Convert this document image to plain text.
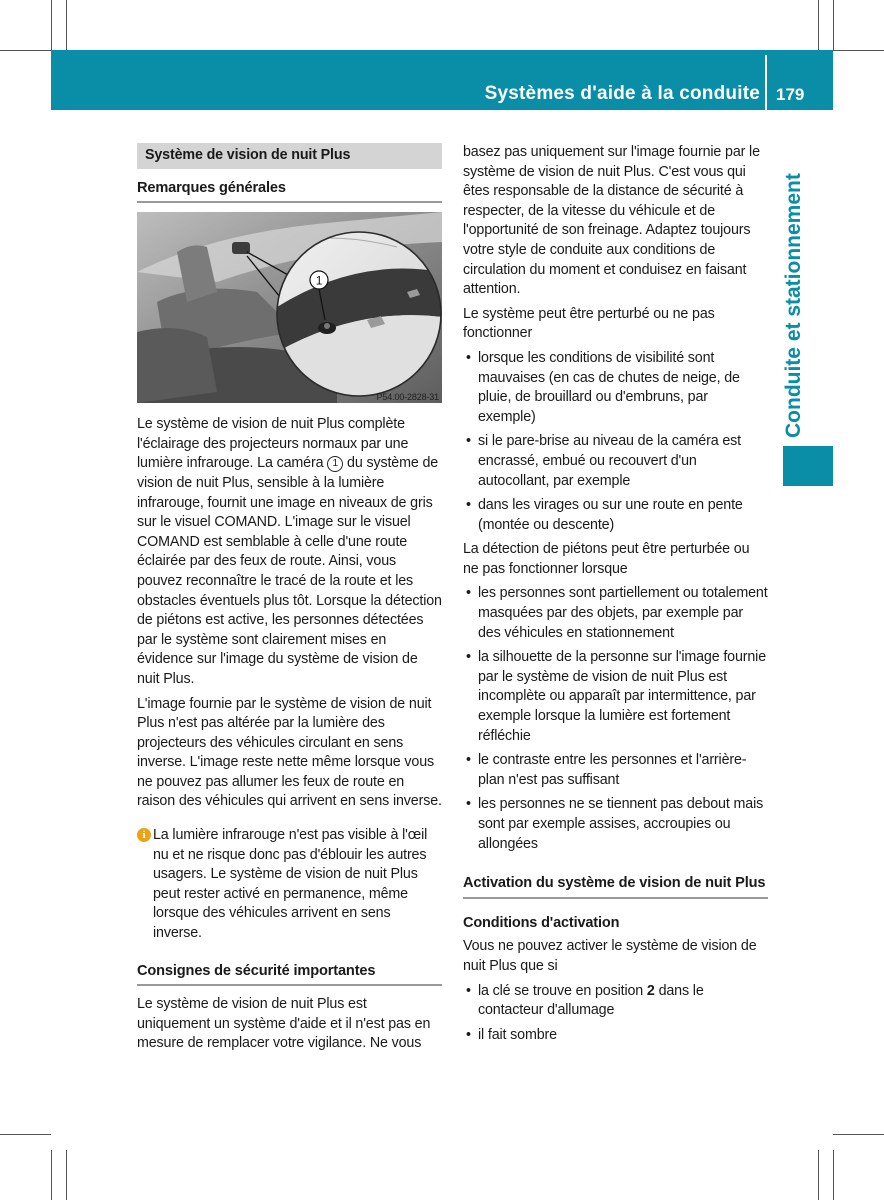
Systèmes d'aide à la conduite 179
Conduite et stationnement
Système de vision de nuit Plus
Remarques générales
1
P54.00-2828-31

Le système de vision de nuit Plus complète l'éclairage des projecteurs normaux par une lumière infrarouge. La caméra 1 du système de vision de nuit Plus, sensible à la lumière infrarouge, fournit une image en niveaux de gris sur le visuel COMAND. L'image sur le visuel COMAND est semblable à celle d'une route éclairée par des feux de route. Ainsi, vous pouvez reconnaître le tracé de la route et les obstacles éventuels plus tôt. Lorsque la détection de piétons est active, les personnes détectées par le système sont clairement mises en évidence sur l'image du système de vision de nuit Plus.

L'image fournie par le système de vision de nuit Plus n'est pas altérée par la lumière des projecteurs des véhicules circulant en sens inverse. L'image reste nette même lorsque vous ne pouvez pas allumer les feux de route en raison des véhicules qui arrivent en sens inverse.

i La lumière infrarouge n'est pas visible à l'œil nu et ne risque donc pas d'éblouir les autres usagers. Le système de vision de nuit Plus peut rester activé en permanence, même lorsque des véhicules arrivent en sens inverse.

Consignes de sécurité importantes

Le système de vision de nuit Plus est uniquement un système d'aide et il n'est pas en mesure de remplacer votre vigilance. Ne vous

basez pas uniquement sur l'image fournie par le système de vision de nuit Plus. C'est vous qui êtes responsable de la distance de sécurité à respecter, de la vitesse du véhicule et de l'opportunité de son freinage. Adaptez toujours votre style de conduite aux conditions de circulation du moment et conduisez en faisant attention.

Le système peut être perturbé ou ne pas fonctionner

• lorsque les conditions de visibilité sont mauvaises (en cas de chutes de neige, de pluie, de brouillard ou d'embruns, par exemple)

• si le pare-brise au niveau de la caméra est encrassé, embué ou recouvert d'un autocollant, par exemple

• dans les virages ou sur une route en pente (montée ou descente)

La détection de piétons peut être perturbée ou ne pas fonctionner lorsque

• les personnes sont partiellement ou totalement masquées par des objets, par exemple par des véhicules en stationnement

• la silhouette de la personne sur l'image fournie par le système de vision de nuit Plus est incomplète ou apparaît par intermittence, par exemple lorsque la lumière est fortement réfléchie

• le contraste entre les personnes et l'arrière-plan n'est pas suffisant

• les personnes ne se tiennent pas debout mais sont par exemple assises, accroupies ou allongées

Activation du système de vision de nuit Plus

Conditions d'activation

Vous ne pouvez activer le système de vision de nuit Plus que si

• la clé se trouve en position 2 dans le contacteur d'allumage

• il fait sombre
